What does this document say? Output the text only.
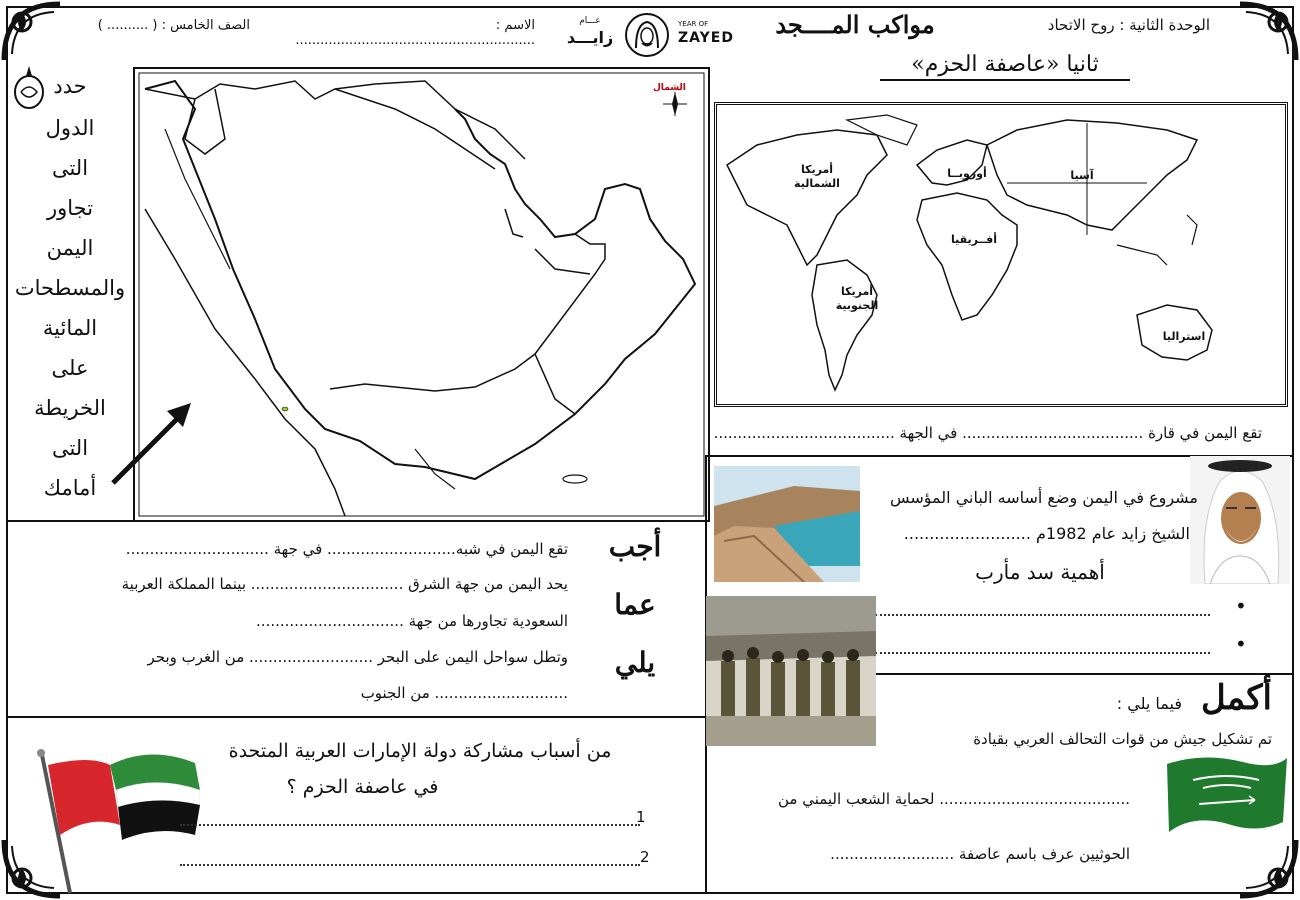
الوحدة الثانية : روح الاتحاد
مواكب المــــجد
الاسم : ..........................................................
الصف الخامس : ( .......... )	عـــام
زايـــد
YEAR OF
ZAYED
ثانيا «عاصفة الحزم»
حدد
الدول
التى
تجاور
اليمن
والمسطحات
المائية
على
الخريطة
التى
أمامك
الشمال
أمريكا
الشمالية
أوروبــا	آسيا
أفــريقيا
أمريكا
الجنوبية
استراليا
تقع اليمن في قارة ...................................... في الجهة ......................................
أجب
عما
يلي
تقع اليمن في شبه........................... في جهة ..............................
يحد اليمن من جهة الشرق ................................ بينما المملكة العربية
السعودية تجاورها من جهة ...............................
وتطل سواحل اليمن على البحر .......................... من الغرب وبحر
............................ من الجنوب
من أسباب مشاركة دولة الإمارات العربية المتحدة
في عاصفة الحزم ؟
1
2
مشروع في اليمن وضع أساسه الباني المؤسس
الشيخ زايد عام 1982م .........................
أهمية سد مأرب
•
•
أكمل
فيما يلي :
تم تشكيل جيش من قوات التحالف العربي بقيادة
........................................ لحماية الشعب اليمني من
الحوثيين عرف باسم عاصفة ..........................
